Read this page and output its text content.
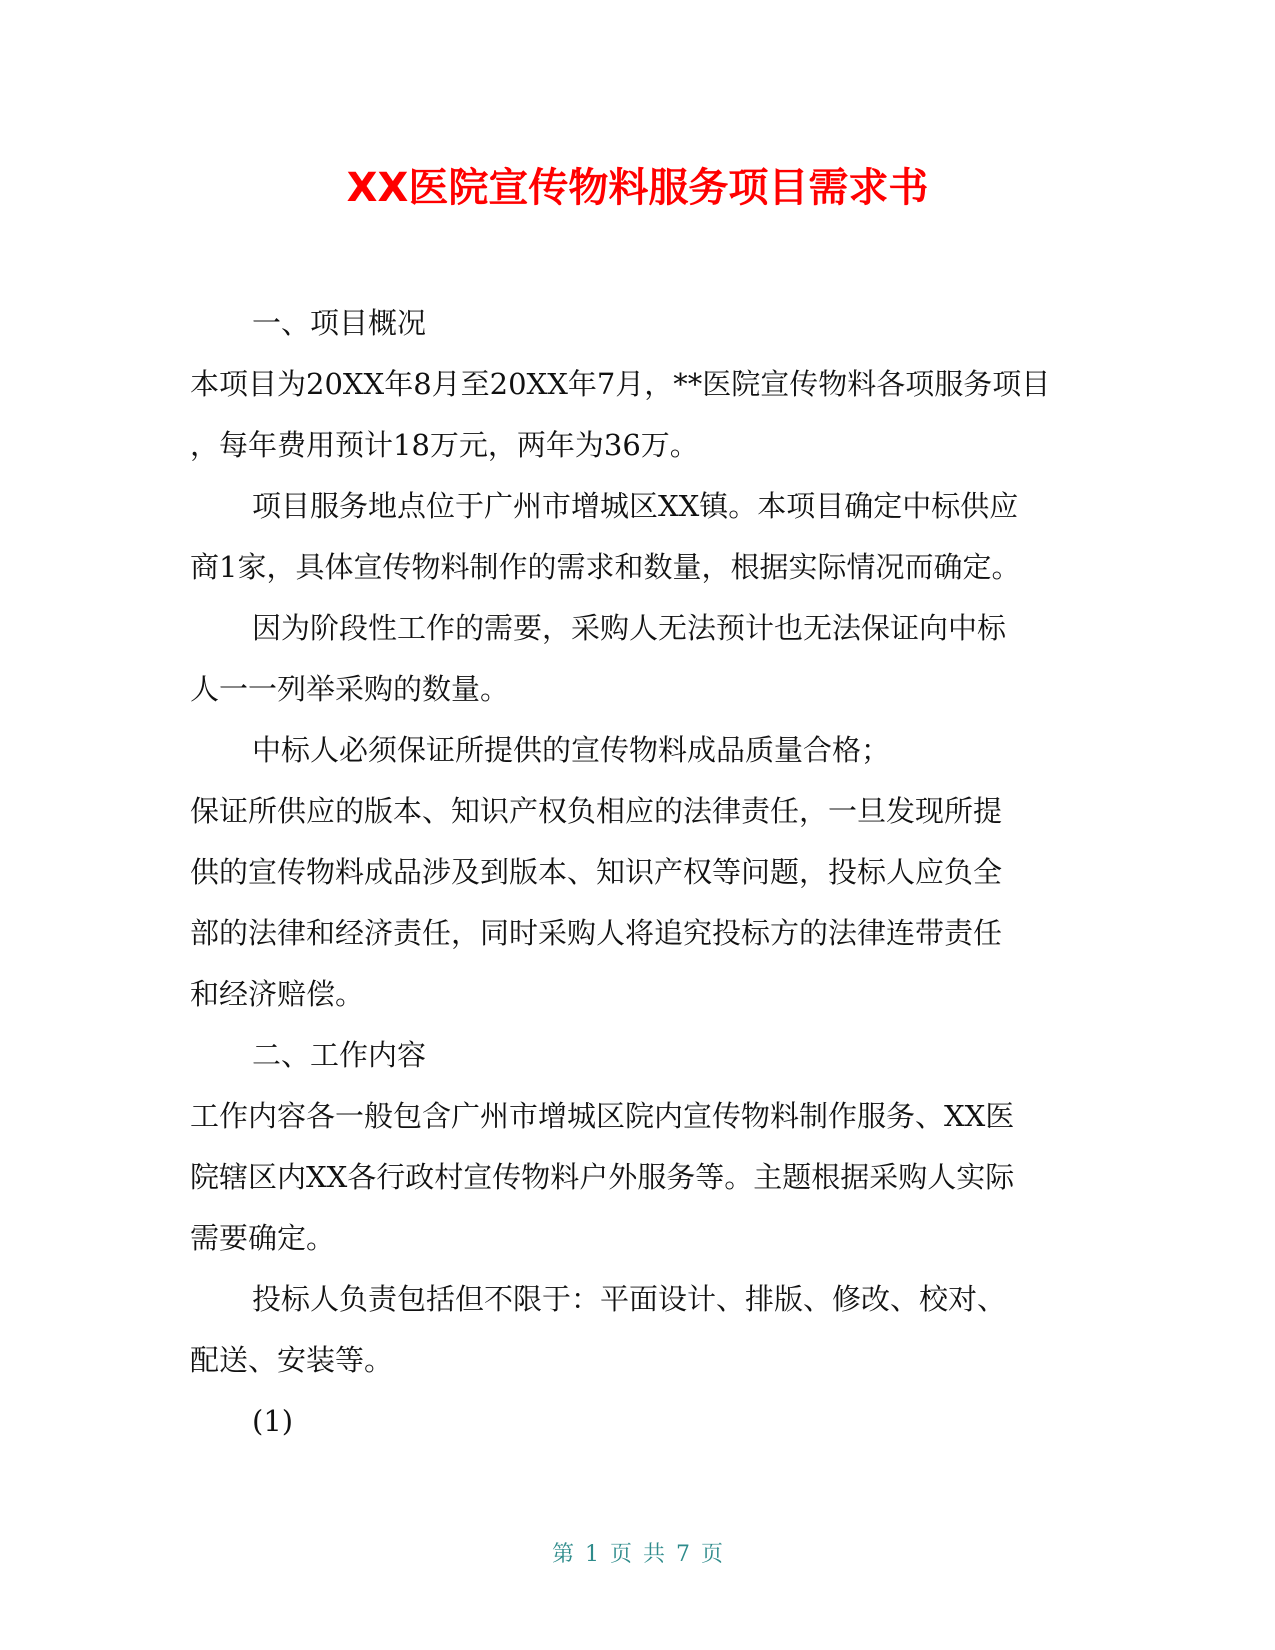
XX医院宣传物料服务项目需求书
一、项目概况
本项目为20XX年8月至20XX年7月，**医院宣传物料各项服务项目
，每年费用预计18万元，两年为36万。
项目服务地点位于广州市增城区XX镇。本项目确定中标供应
商1家，具体宣传物料制作的需求和数量，根据实际情况而确定。
因为阶段性工作的需要，采购人无法预计也无法保证向中标
人一一列举采购的数量。
中标人必须保证所提供的宣传物料成品质量合格；
保证所供应的版本、知识产权负相应的法律责任，一旦发现所提
供的宣传物料成品涉及到版本、知识产权等问题，投标人应负全
部的法律和经济责任，同时采购人将追究投标方的法律连带责任
和经济赔偿。
二、工作内容
工作内容各一般包含广州市增城区院内宣传物料制作服务、XX医
院辖区内XX各行政村宣传物料户外服务等。主题根据采购人实际
需要确定。
投标人负责包括但不限于：平面设计、排版、修改、校对、
配送、安装等。
(1)
第 1 页 共 7 页
